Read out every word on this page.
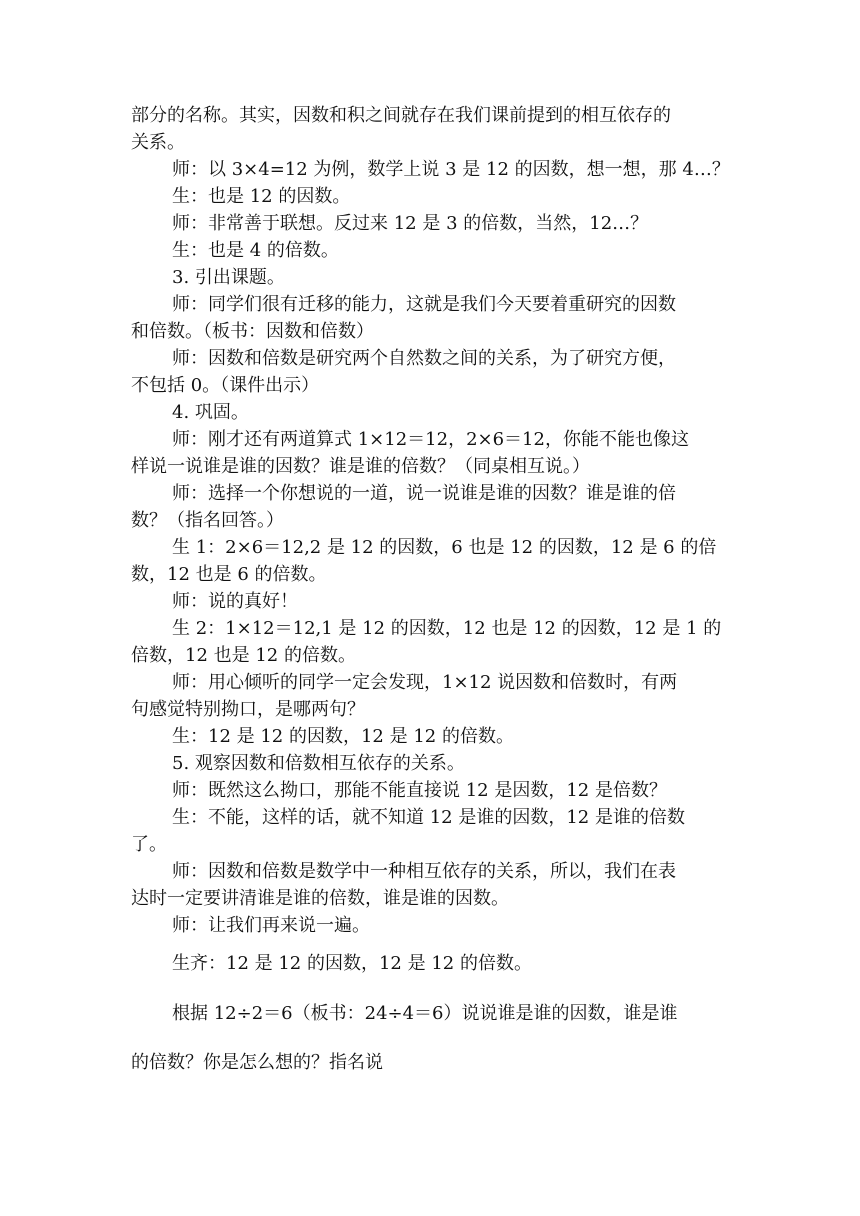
部分的名称。其实，因数和积之间就存在我们课前提到的相互依存的
关系。
师：以 3×4=12 为例，数学上说 3 是 12 的因数，想一想，那 4…？
生：也是 12 的因数。
师：非常善于联想。反过来 12 是 3 的倍数，当然，12…？
生：也是 4 的倍数。
3. 引出课题。
师：同学们很有迁移的能力，这就是我们今天要着重研究的因数
和倍数。（板书：因数和倍数）
师：因数和倍数是研究两个自然数之间的关系，为了研究方便，
不包括 0。（课件出示）
4. 巩固。
师：刚才还有两道算式 1×12＝12，2×6＝12，你能不能也像这
样说一说谁是谁的因数？谁是谁的倍数？（同桌相互说。）
师：选择一个你想说的一道，说一说谁是谁的因数？谁是谁的倍
数？（指名回答。）
生 1：2×6＝12,2 是 12 的因数，6 也是 12 的因数，12 是 6 的倍
数，12 也是 6 的倍数。
师：说的真好！
生 2：1×12＝12,1 是 12 的因数，12 也是 12 的因数，12 是 1 的
倍数，12 也是 12 的倍数。
师：用心倾听的同学一定会发现，1×12 说因数和倍数时，有两
句感觉特别拗口，是哪两句？
生：12 是 12 的因数，12 是 12 的倍数。
5. 观察因数和倍数相互依存的关系。
师：既然这么拗口，那能不能直接说 12 是因数，12 是倍数？
生：不能，这样的话，就不知道 12 是谁的因数，12 是谁的倍数
了。
师：因数和倍数是数学中一种相互依存的关系，所以，我们在表
达时一定要讲清谁是谁的倍数，谁是谁的因数。
师：让我们再来说一遍。
生齐：12 是 12 的因数，12 是 12 的倍数。
根据 12÷2＝6（板书：24÷4＝6）说说谁是谁的因数，谁是谁
的倍数？你是怎么想的？指名说
